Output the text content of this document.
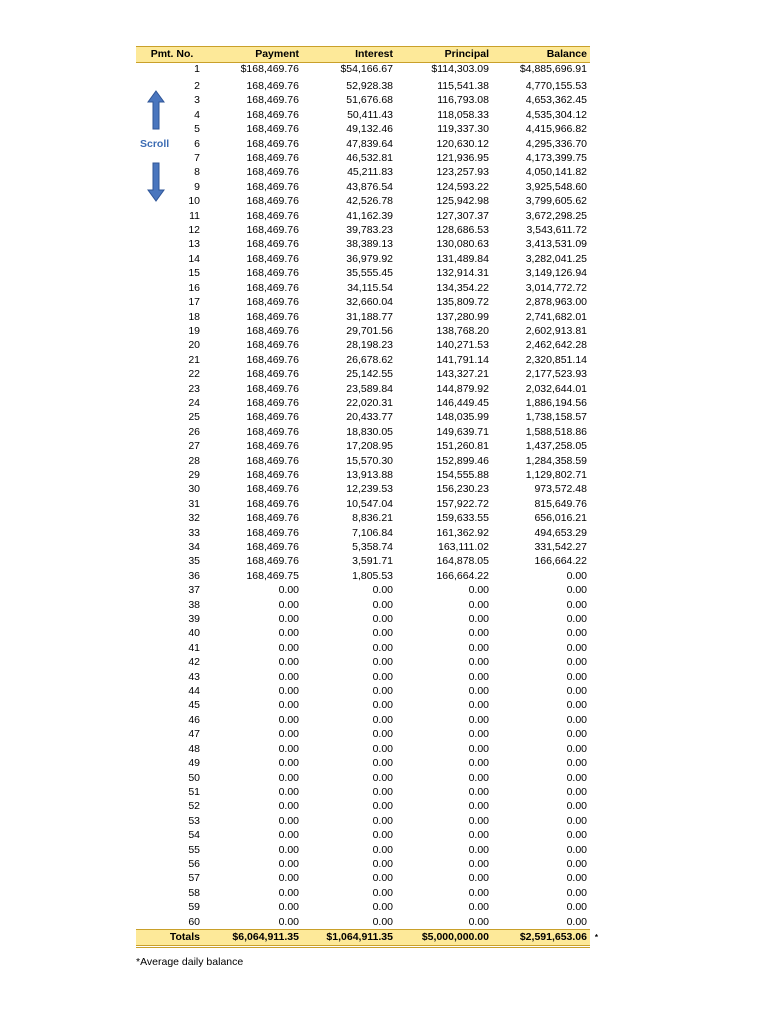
Pmt. No.	Payment	Interest	Principal	Balance
1	$168,469.76	$54,166.67	$114,303.09	$4,885,696.91
2	168,469.76	52,928.38	115,541.38	4,770,155.53
3	168,469.76	51,676.68	116,793.08	4,653,362.45
4	168,469.76	50,411.43	118,058.33	4,535,304.12
5	168,469.76	49,132.46	119,337.30	4,415,966.82
6	168,469.76	47,839.64	120,630.12	4,295,336.70
7	168,469.76	46,532.81	121,936.95	4,173,399.75
8	168,469.76	45,211.83	123,257.93	4,050,141.82
9	168,469.76	43,876.54	124,593.22	3,925,548.60
10	168,469.76	42,526.78	125,942.98	3,799,605.62
11	168,469.76	41,162.39	127,307.37	3,672,298.25
12	168,469.76	39,783.23	128,686.53	3,543,611.72
13	168,469.76	38,389.13	130,080.63	3,413,531.09
14	168,469.76	36,979.92	131,489.84	3,282,041.25
15	168,469.76	35,555.45	132,914.31	3,149,126.94
16	168,469.76	34,115.54	134,354.22	3,014,772.72
17	168,469.76	32,660.04	135,809.72	2,878,963.00
18	168,469.76	31,188.77	137,280.99	2,741,682.01
19	168,469.76	29,701.56	138,768.20	2,602,913.81
20	168,469.76	28,198.23	140,271.53	2,462,642.28
21	168,469.76	26,678.62	141,791.14	2,320,851.14
22	168,469.76	25,142.55	143,327.21	2,177,523.93
23	168,469.76	23,589.84	144,879.92	2,032,644.01
24	168,469.76	22,020.31	146,449.45	1,886,194.56
25	168,469.76	20,433.77	148,035.99	1,738,158.57
26	168,469.76	18,830.05	149,639.71	1,588,518.86
27	168,469.76	17,208.95	151,260.81	1,437,258.05
28	168,469.76	15,570.30	152,899.46	1,284,358.59
29	168,469.76	13,913.88	154,555.88	1,129,802.71
30	168,469.76	12,239.53	156,230.23	973,572.48
31	168,469.76	10,547.04	157,922.72	815,649.76
32	168,469.76	8,836.21	159,633.55	656,016.21
33	168,469.76	7,106.84	161,362.92	494,653.29
34	168,469.76	5,358.74	163,111.02	331,542.27
35	168,469.76	3,591.71	164,878.05	166,664.22
36	168,469.75	1,805.53	166,664.22	0.00
37	0.00	0.00	0.00	0.00
38	0.00	0.00	0.00	0.00
39	0.00	0.00	0.00	0.00
40	0.00	0.00	0.00	0.00
41	0.00	0.00	0.00	0.00
42	0.00	0.00	0.00	0.00
43	0.00	0.00	0.00	0.00
44	0.00	0.00	0.00	0.00
45	0.00	0.00	0.00	0.00
46	0.00	0.00	0.00	0.00
47	0.00	0.00	0.00	0.00
48	0.00	0.00	0.00	0.00
49	0.00	0.00	0.00	0.00
50	0.00	0.00	0.00	0.00
51	0.00	0.00	0.00	0.00
52	0.00	0.00	0.00	0.00
53	0.00	0.00	0.00	0.00
54	0.00	0.00	0.00	0.00
55	0.00	0.00	0.00	0.00
56	0.00	0.00	0.00	0.00
57	0.00	0.00	0.00	0.00
58	0.00	0.00	0.00	0.00
59	0.00	0.00	0.00	0.00
60	0.00	0.00	0.00	0.00
Totals	$6,064,911.35	$1,064,911.35	$5,000,000.00	$2,591,653.06 *
Scroll
*Average daily balance
